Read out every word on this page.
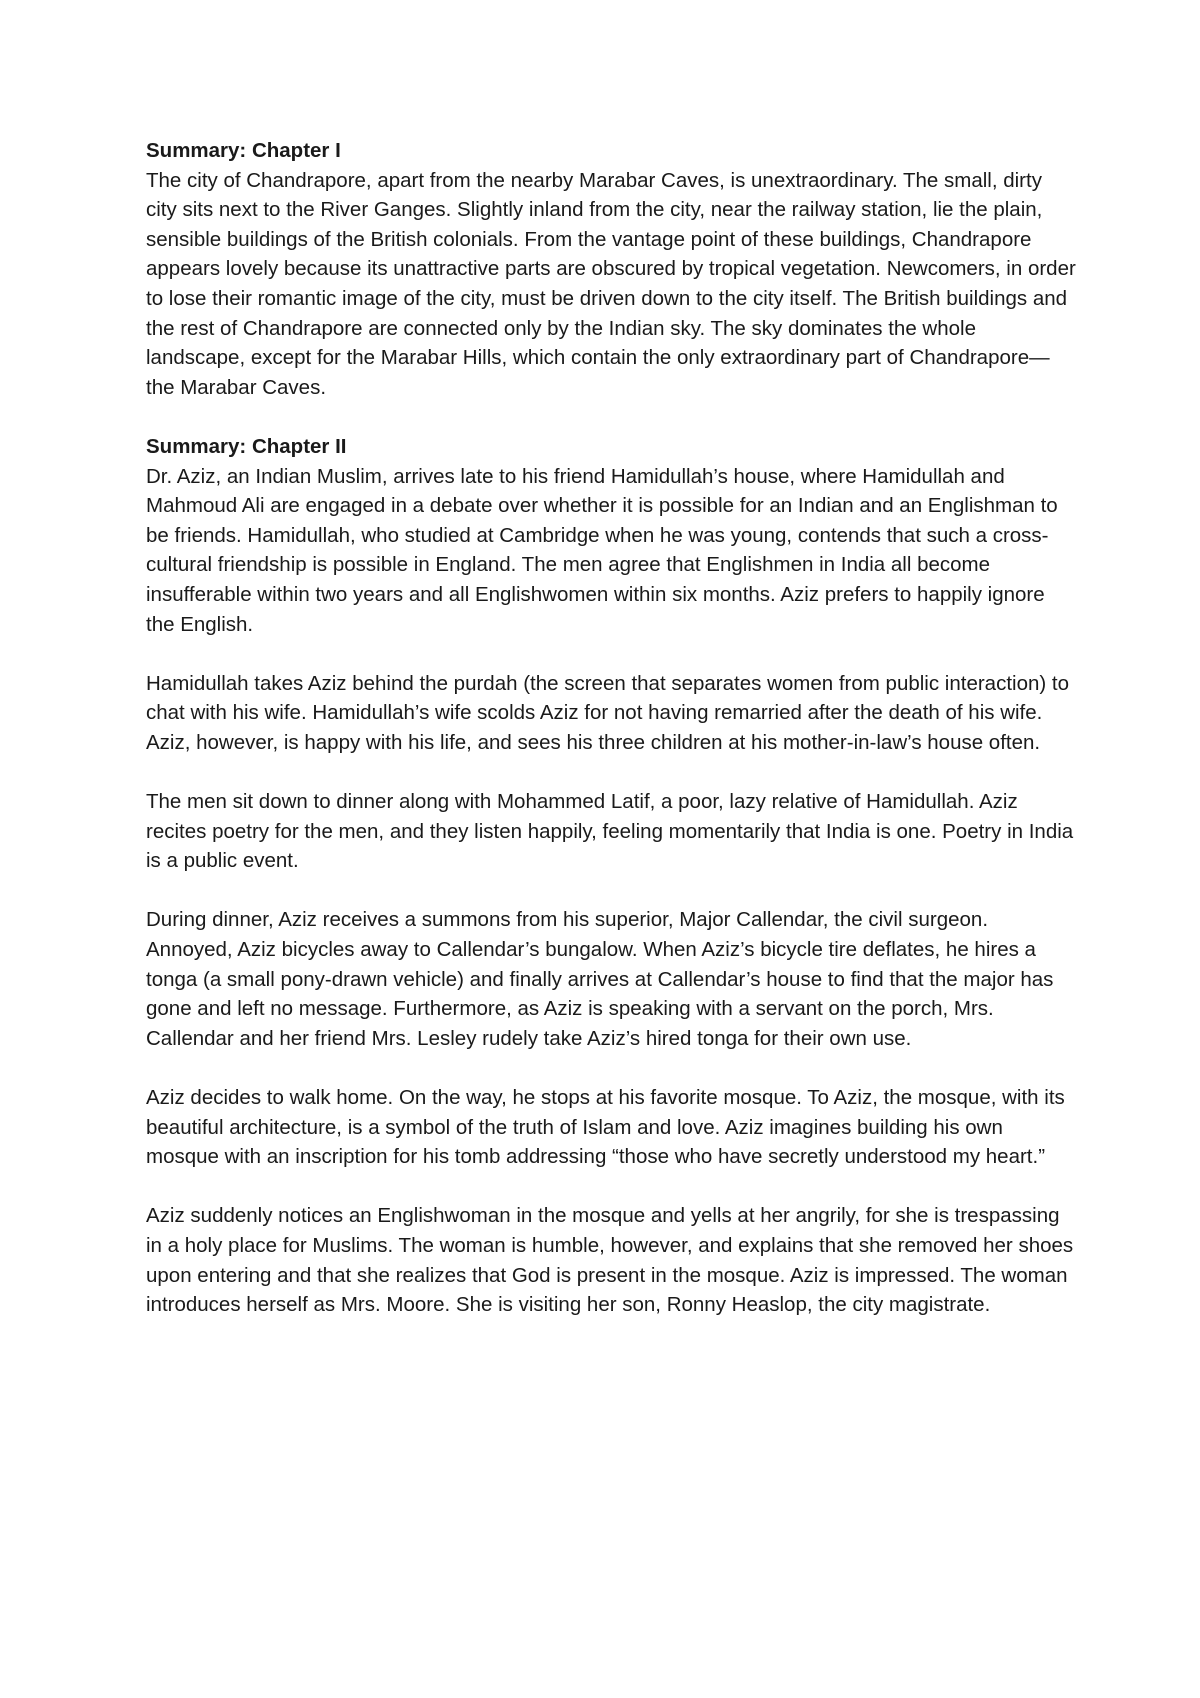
Summary: Chapter I

The city of Chandrapore, apart from the nearby Marabar Caves, is unextraordinary. The small, dirty city sits next to the River Ganges. Slightly inland from the city, near the railway station, lie the plain, sensible buildings of the British colonials. From the vantage point of these buildings, Chandrapore appears lovely because its unattractive parts are obscured by tropical vegetation. Newcomers, in order to lose their romantic image of the city, must be driven down to the city itself. The British buildings and the rest of Chandrapore are connected only by the Indian sky. The sky dominates the whole landscape, except for the Marabar Hills, which contain the only extraordinary part of Chandrapore—the Marabar Caves.

Summary: Chapter II

Dr. Aziz, an Indian Muslim, arrives late to his friend Hamidullah’s house, where Hamidullah and Mahmoud Ali are engaged in a debate over whether it is possible for an Indian and an Englishman to be friends. Hamidullah, who studied at Cambridge when he was young, contends that such a cross-cultural friendship is possible in England. The men agree that Englishmen in India all become insufferable within two years and all Englishwomen within six months. Aziz prefers to happily ignore the English.

Hamidullah takes Aziz behind the purdah (the screen that separates women from public interaction) to chat with his wife. Hamidullah’s wife scolds Aziz for not having remarried after the death of his wife. Aziz, however, is happy with his life, and sees his three children at his mother-in-law’s house often.

The men sit down to dinner along with Mohammed Latif, a poor, lazy relative of Hamidullah. Aziz recites poetry for the men, and they listen happily, feeling momentarily that India is one. Poetry in India is a public event.

During dinner, Aziz receives a summons from his superior, Major Callendar, the civil surgeon. Annoyed, Aziz bicycles away to Callendar’s bungalow. When Aziz’s bicycle tire deflates, he hires a tonga (a small pony-drawn vehicle) and finally arrives at Callendar’s house to find that the major has gone and left no message. Furthermore, as Aziz is speaking with a servant on the porch, Mrs. Callendar and her friend Mrs. Lesley rudely take Aziz’s hired tonga for their own use.

Aziz decides to walk home. On the way, he stops at his favorite mosque. To Aziz, the mosque, with its beautiful architecture, is a symbol of the truth of Islam and love. Aziz imagines building his own mosque with an inscription for his tomb addressing “those who have secretly understood my heart.”

Aziz suddenly notices an Englishwoman in the mosque and yells at her angrily, for she is trespassing in a holy place for Muslims. The woman is humble, however, and explains that she removed her shoes upon entering and that she realizes that God is present in the mosque. Aziz is impressed. The woman introduces herself as Mrs. Moore. She is visiting her son, Ronny Heaslop, the city magistrate.
